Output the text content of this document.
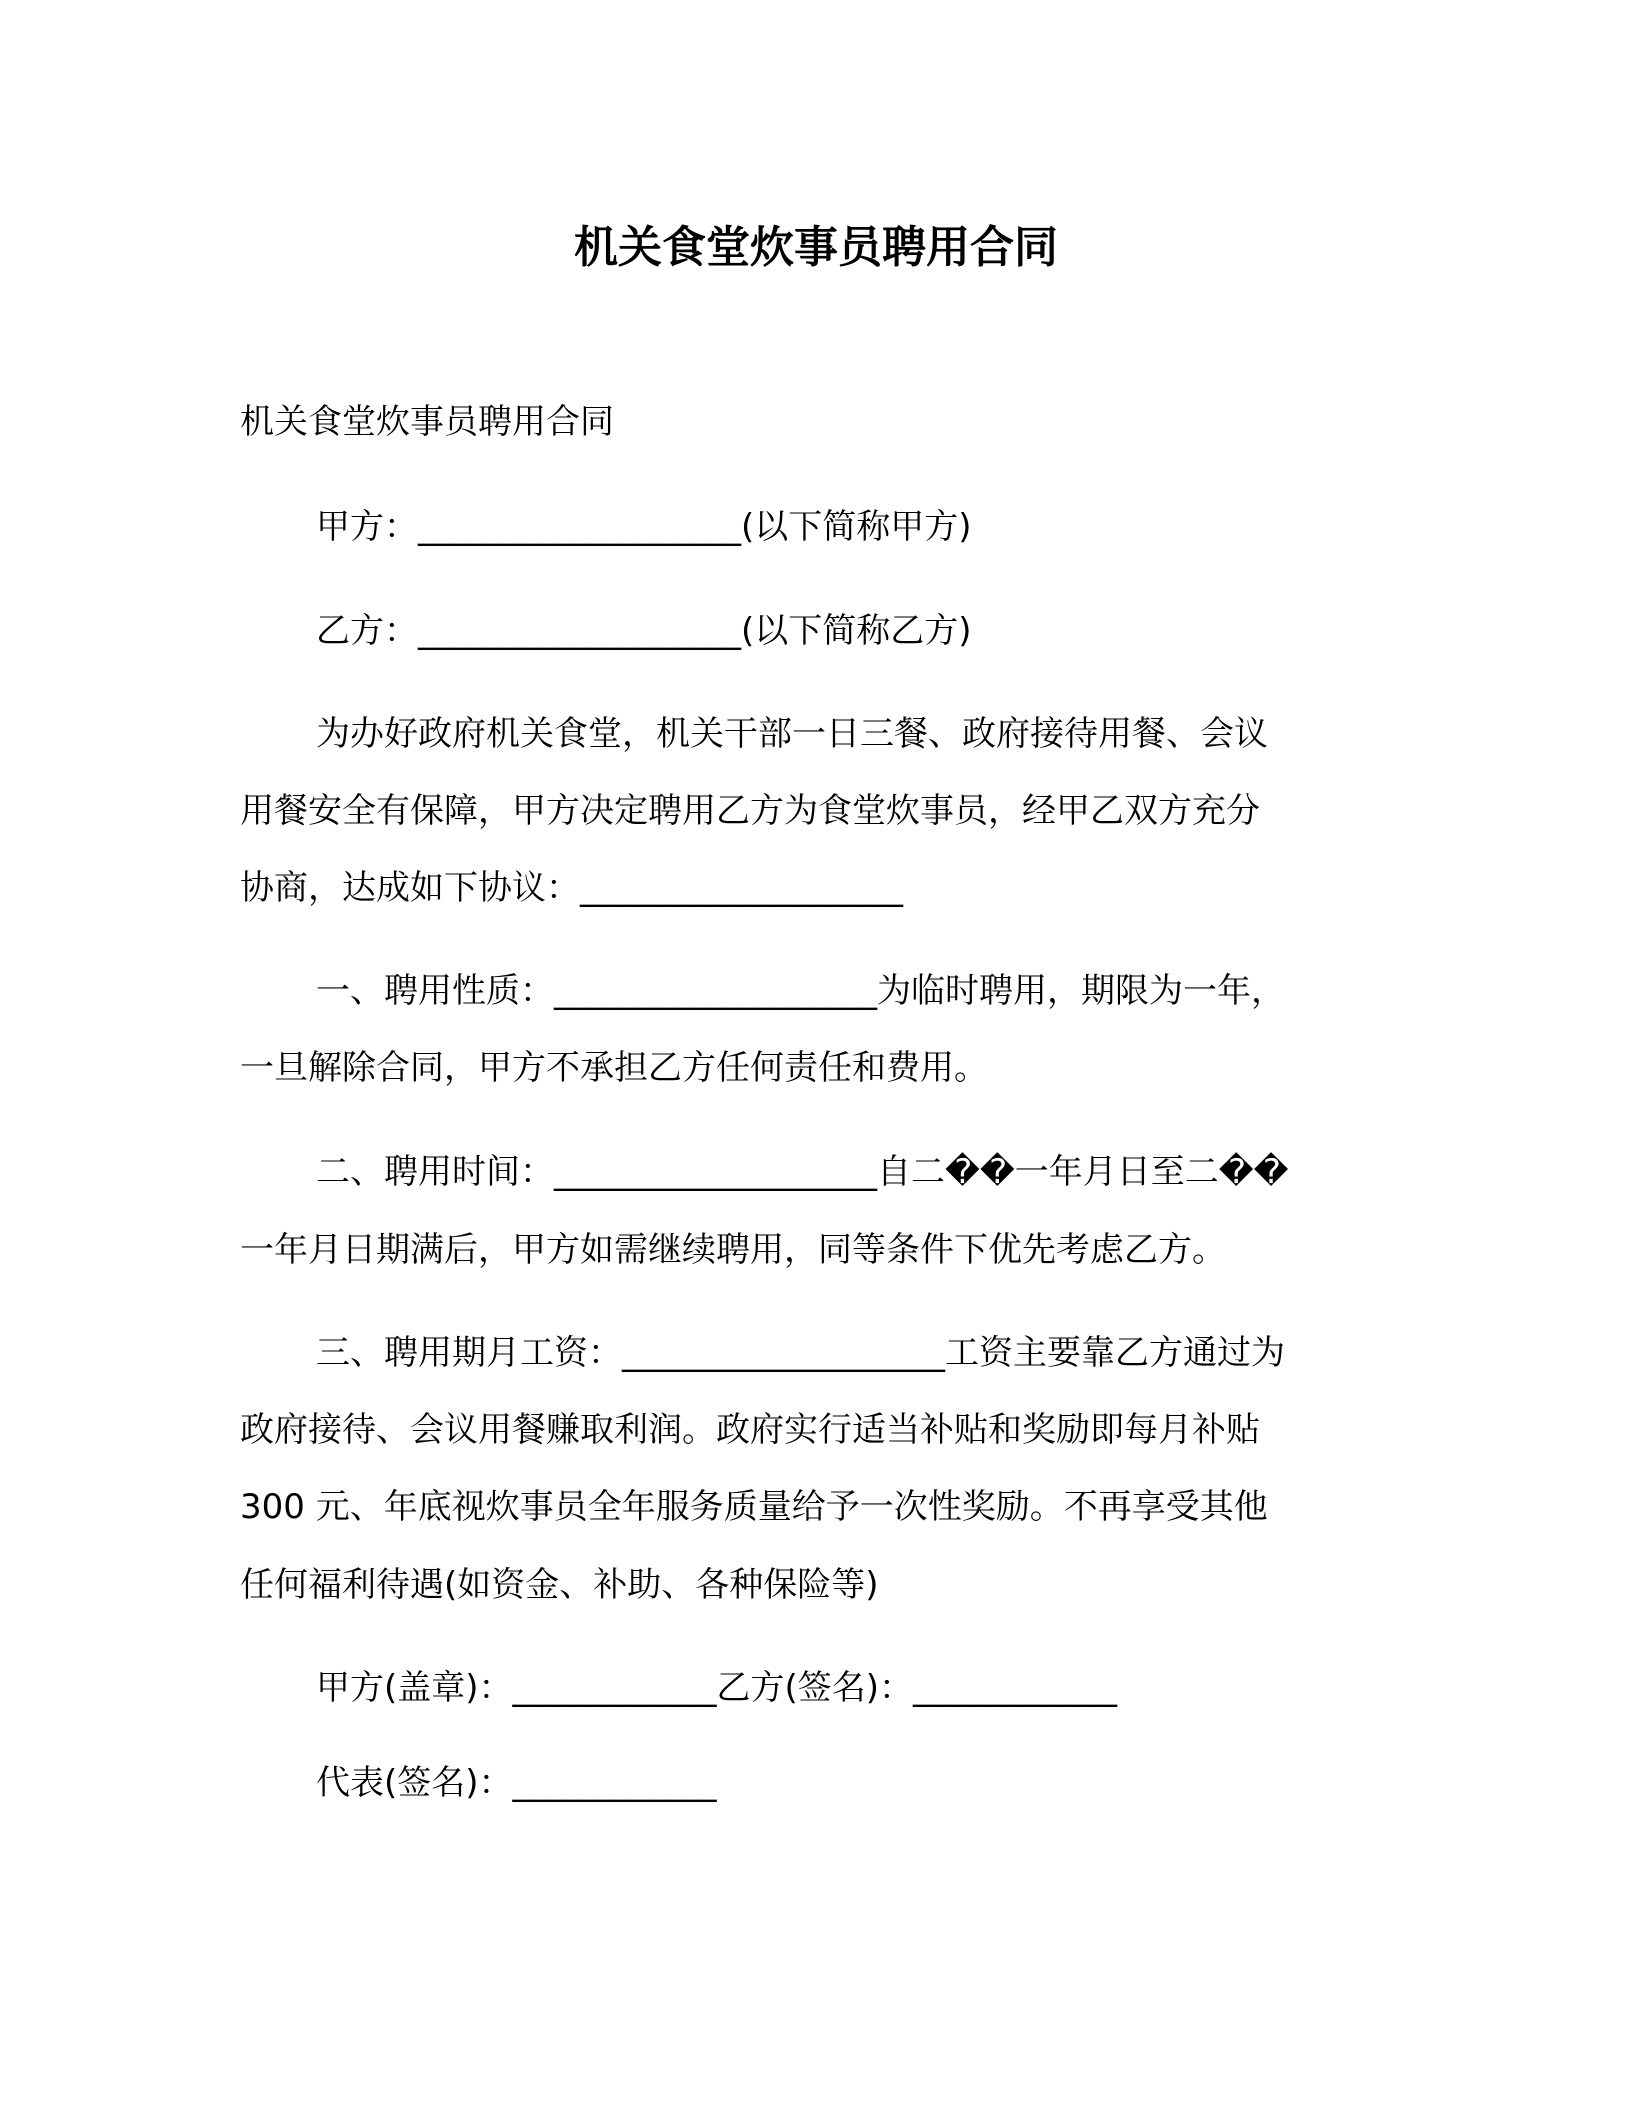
机关食堂炊事员聘用合同
机关食堂炊事员聘用合同
甲方：___________________(以下简称甲方)
乙方：___________________(以下简称乙方)
为办好政府机关食堂，机关干部一日三餐、政府接待用餐、会议
用餐安全有保障，甲方决定聘用乙方为食堂炊事员，经甲乙双方充分
协商，达成如下协议：___________________
一、聘用性质：___________________为临时聘用，期限为一年，
一旦解除合同，甲方不承担乙方任何责任和费用。
二、聘用时间：___________________自二��一年月日至二��
一年月日期满后，甲方如需继续聘用，同等条件下优先考虑乙方。
三、聘用期月工资：___________________工资主要靠乙方通过为
政府接待、会议用餐赚取利润。政府实行适当补贴和奖励即每月补贴
300 元、年底视炊事员全年服务质量给予一次性奖励。不再享受其他
任何福利待遇(如资金、补助、各种保险等)
甲方(盖章)：____________乙方(签名)：____________
代表(签名)：____________
